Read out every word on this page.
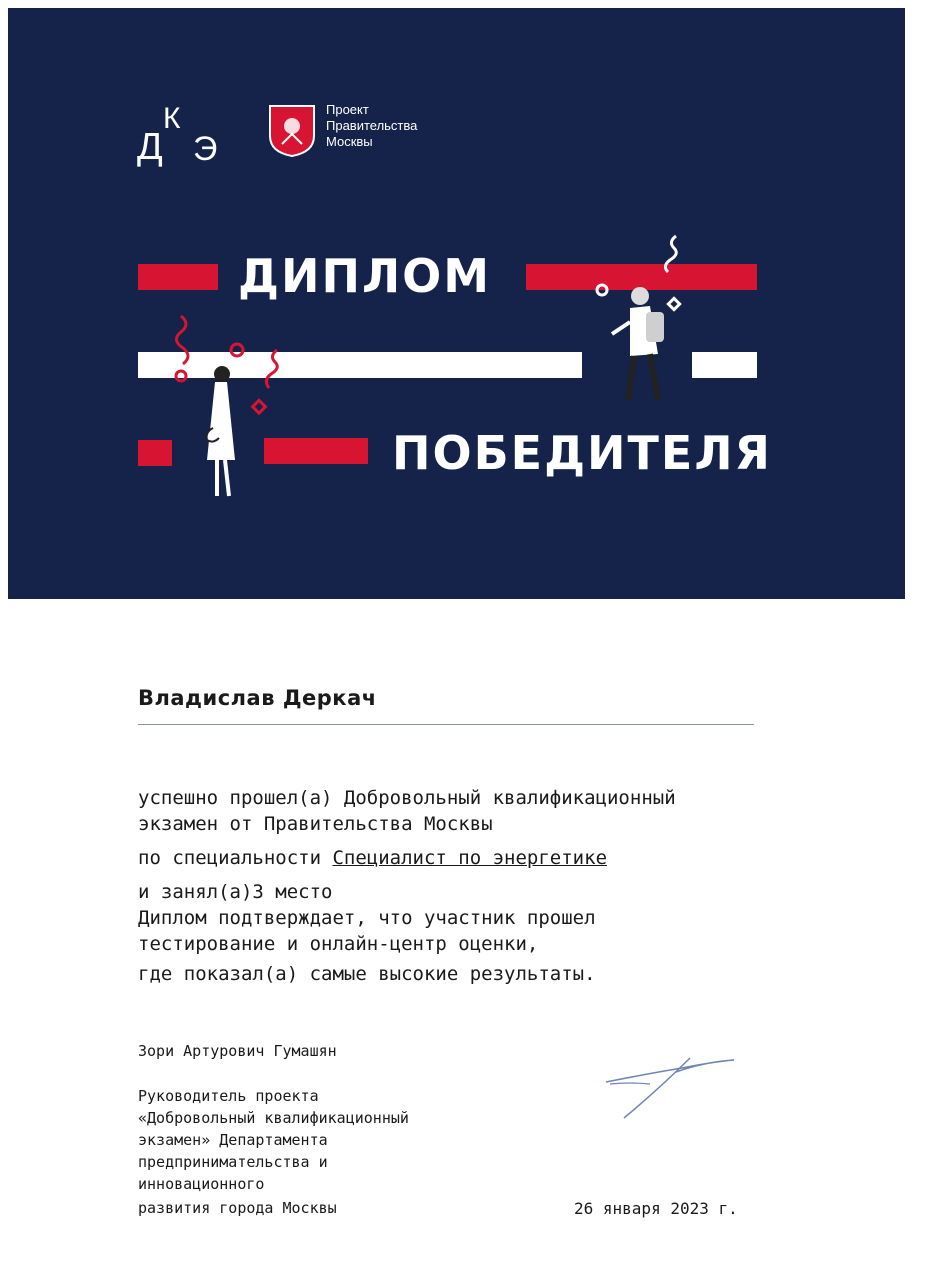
Д
К
Э
Проект
Правительства
Москвы
ДИПЛОМ
ПОБЕДИТЕЛЯ
Владислав Деркач
успешно прошел(а) Добровольный квалификационный
экзамен от Правительства Москвы
по специальности Специалист по энергетике
и занял(а)3 место
Диплом подтверждает, что участник прошел
тестирование и онлайн-центр оценки,
где показал(а) самые высокие результаты.
Зори Артурович Гумашян
Руководитель проекта
«Добровольный квалификационный
экзамен» Департамента
предпринимательства и
инновационного
развития города Москвы	26 января 2023 г.
